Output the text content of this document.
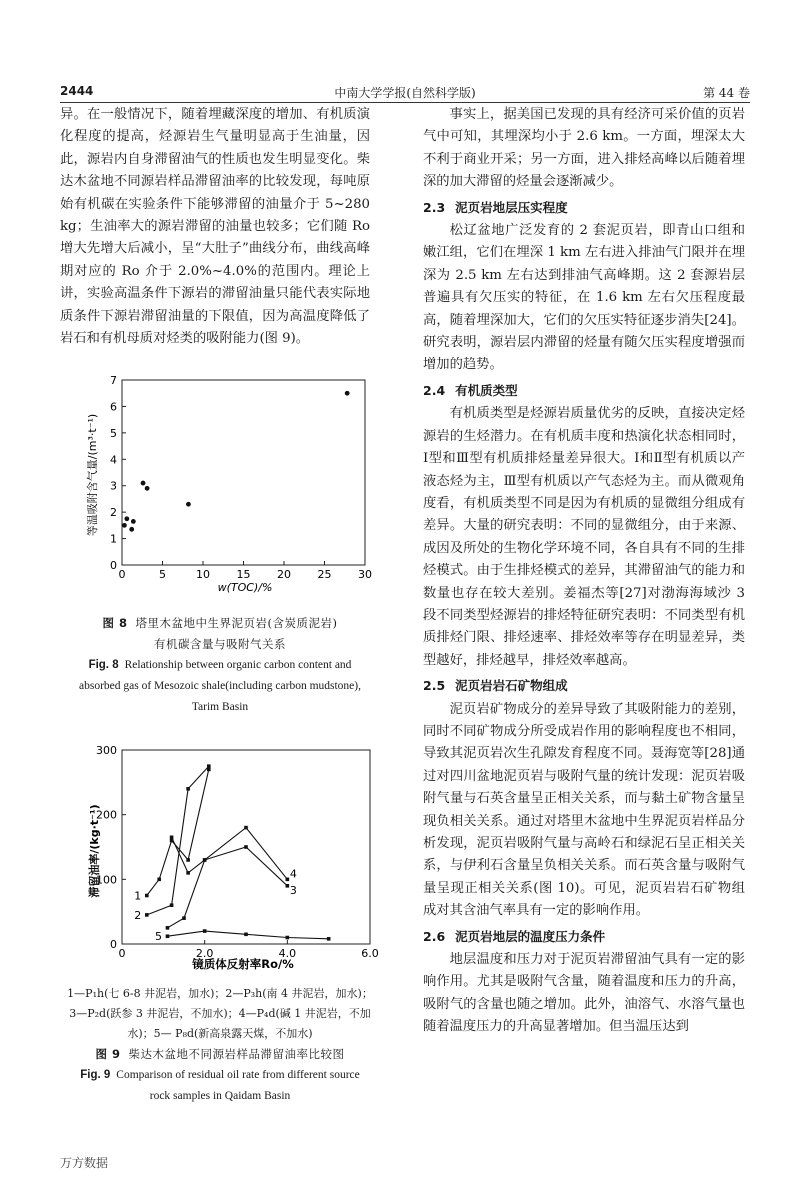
2444	中南大学学报(自然科学版)	第 44 卷

异。在一般情况下，随着埋藏深度的增加、有机质演化程度的提高，烃源岩生气量明显高于生油量，因此，源岩内自身滞留油气的性质也发生明显变化。柴达木盆地不同源岩样品滞留油率的比较发现，每吨原始有机碳在实验条件下能够滞留的油量介于 5~280 kg；生油率大的源岩滞留的油量也较多；它们随 Ro 增大先增大后减小，呈“大肚子”曲线分布，曲线高峰期对应的 Ro 介于 2.0%~4.0%的范围内。理论上讲，实验高温条件下源岩的滞留油量只能代表实际地质条件下源岩滞留油量的下限值，因为高温度降低了岩石和有机母质对烃类的吸附能力(图 9)。

0	5	10 15 20 25 30
0
1
2
3
4
5
6
7
w(TOC)/%
等温吸附含气量/(m³·t⁻¹)
图 8 塔里木盆地中生界泥页岩(含炭质泥岩)
有机碳含量与吸附气关系
Fig. 8 Relationship between organic carbon content and
absorbed gas of Mesozoic shale(including carbon mudstone),
Tarim Basin
0	2.0	4.0	6.0
0
100
200
300
1
2
3
4
5
镜质体反射率Ro/%
滞留油率/(kg·t⁻¹)
1—P₁h(七 6-8 井泥岩，加水)；2—P₃h(南 4 井泥岩，加水)；
3—P₂d(跃参 3 井泥岩，不加水)；4—P₄d(碱 1 井泥岩，不加
水)；5— P₈d(新高泉露天煤，不加水)
图 9 柴达木盆地不同源岩样品滞留油率比较图
Fig. 9 Comparison of residual oil rate from different source
rock samples in Qaidam Basin

事实上，据美国已发现的具有经济可采价值的页岩气中可知，其埋深均小于 2.6 km。一方面，埋深太大不利于商业开采；另一方面，进入排烃高峰以后随着埋深的加大滞留的烃量会逐渐减少。

2.3 泥页岩地层压实程度

松辽盆地广泛发育的 2 套泥页岩，即青山口组和嫩江组，它们在埋深 1 km 左右进入排油气门限并在埋深为 2.5 km 左右达到排油气高峰期。这 2 套源岩层普遍具有欠压实的特征，在 1.6 km 左右欠压程度最高，随着埋深加大，它们的欠压实特征逐步消失[24]。研究表明，源岩层内滞留的烃量有随欠压实程度增强而增加的趋势。

2.4 有机质类型

有机质类型是烃源岩质量优劣的反映，直接决定烃源岩的生烃潜力。在有机质丰度和热演化状态相同时，Ⅰ型和Ⅲ型有机质排烃量差异很大。Ⅰ和Ⅱ型有机质以产液态烃为主，Ⅲ型有机质以产气态烃为主。而从微观角度看，有机质类型不同是因为有机质的显微组分组成有差异。大量的研究表明：不同的显微组分，由于来源、成因及所处的生物化学环境不同，各自具有不同的生排烃模式。由于生排烃模式的差异，其滞留油气的能力和数量也存在较大差别。姜福杰等[27]对渤海海域沙 3 段不同类型烃源岩的排烃特征研究表明：不同类型有机质排烃门限、排烃速率、排烃效率等存在明显差异，类型越好，排烃越早，排烃效率越高。

2.5 泥页岩岩石矿物组成

泥页岩矿物成分的差异导致了其吸附能力的差别，同时不同矿物成分所受成岩作用的影响程度也不相同，导致其泥页岩次生孔隙发育程度不同。聂海宽等[28]通过对四川盆地泥页岩与吸附气量的统计发现：泥页岩吸附气量与石英含量呈正相关关系，而与黏土矿物含量呈现负相关关系。通过对塔里木盆地中生界泥页岩样品分析发现，泥页岩吸附气量与高岭石和绿泥石呈正相关关系，与伊利石含量呈负相关关系。而石英含量与吸附气量呈现正相关关系(图 10)。可见，泥页岩岩石矿物组成对其含油气率具有一定的影响作用。

2.6 泥页岩地层的温度压力条件

地层温度和压力对于泥页岩滞留油气具有一定的影响作用。尤其是吸附气含量，随着温度和压力的升高，吸附气的含量也随之增加。此外，油溶气、水溶气量也随着温度压力的升高显著增加。但当温压达到

万方数据
